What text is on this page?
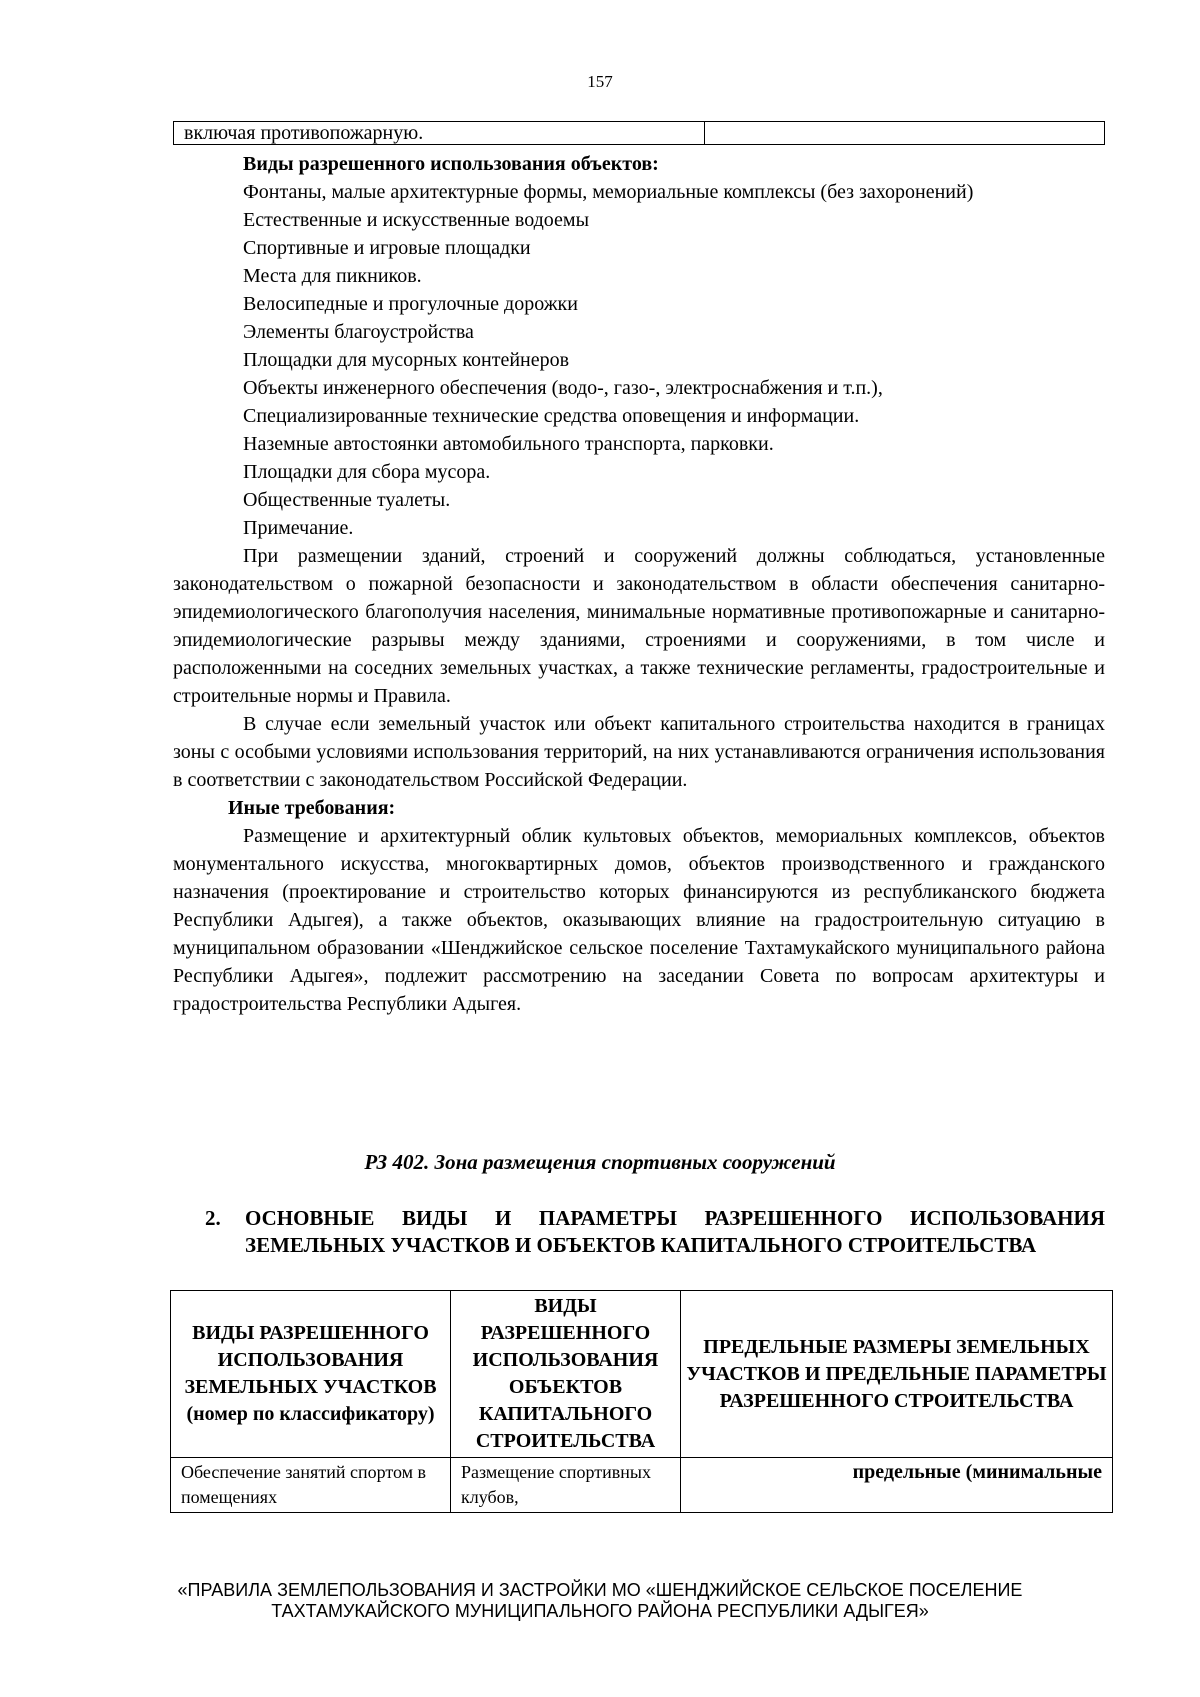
157
включая противопожарную.	

Виды разрешенного использования объектов:

Фонтаны, малые архитектурные формы, мемориальные комплексы (без захоронений)

Естественные и искусственные водоемы

Спортивные и игровые площадки

Места для пикников.

Велосипедные и прогулочные дорожки

Элементы благоустройства

Площадки для мусорных контейнеров

Объекты инженерного обеспечения (водо-, газо-, электроснабжения и т.п.),

Специализированные технические средства оповещения и информации.

Наземные автостоянки автомобильного транспорта, парковки.

Площадки для сбора мусора.

Общественные туалеты.

Примечание.

При размещении зданий, строений и сооружений должны соблюдаться, установленные законодательством о пожарной безопасности и законодательством в области обеспечения санитарно-эпидемиологического благополучия населения, минимальные нормативные противопожарные и санитарно-эпидемиологические разрывы между зданиями, строениями и сооружениями, в том числе и расположенными на соседних земельных участках, а также технические регламенты, градостроительные и строительные нормы и Правила.

В случае если земельный участок или объект капитального строительства находится в границах зоны с особыми условиями использования территорий, на них устанавливаются ограничения использования в соответствии с законодательством Российской Федерации.

Иные требования:

Размещение и архитектурный облик культовых объектов, мемориальных комплексов, объектов монументального искусства, многоквартирных домов, объектов производственного и гражданского назначения (проектирование и строительство которых финансируются из республиканского бюджета Республики Адыгея), а также объектов, оказывающих влияние на градостроительную ситуацию в муниципальном образовании «Шенджийское сельское поселение Тахтамукайского муниципального района Республики Адыгея», подлежит рассмотрению на заседании Совета по вопросам архитектуры и градостроительства Республики Адыгея.

РЗ 402. Зона размещения спортивных сооружений
2. ОСНОВНЫЕ ВИДЫ И ПАРАМЕТРЫ РАЗРЕШЕННОГО ИСПОЛЬЗОВАНИЯ ЗЕМЕЛЬНЫХ УЧАСТКОВ И ОБЪЕКТОВ КАПИТАЛЬНОГО СТРОИТЕЛЬСТВА
ВИДЫ РАЗРЕШЕННОГО ИСПОЛЬЗОВАНИЯ ЗЕМЕЛЬНЫХ УЧАСТКОВ (номер по классификатору)	ВИДЫ РАЗРЕШЕННОГО ИСПОЛЬЗОВАНИЯ ОБЪЕКТОВ КАПИТАЛЬНОГО СТРОИТЕЛЬСТВА	ПРЕДЕЛЬНЫЕ РАЗМЕРЫ ЗЕМЕЛЬНЫХ УЧАСТКОВ И ПРЕДЕЛЬНЫЕ ПАРАМЕТРЫ РАЗРЕШЕННОГО СТРОИТЕЛЬСТВА
Обеспечение занятий спортом в помещениях	Размещение спортивных клубов,	предельные (минимальные
«ПРАВИЛА ЗЕМЛЕПОЛЬЗОВАНИЯ И ЗАСТРОЙКИ МО «ШЕНДЖИЙСКОЕ СЕЛЬСКОЕ ПОСЕЛЕНИЕ
ТАХТАМУКАЙСКОГО МУНИЦИПАЛЬНОГО РАЙОНА РЕСПУБЛИКИ АДЫГЕЯ»
